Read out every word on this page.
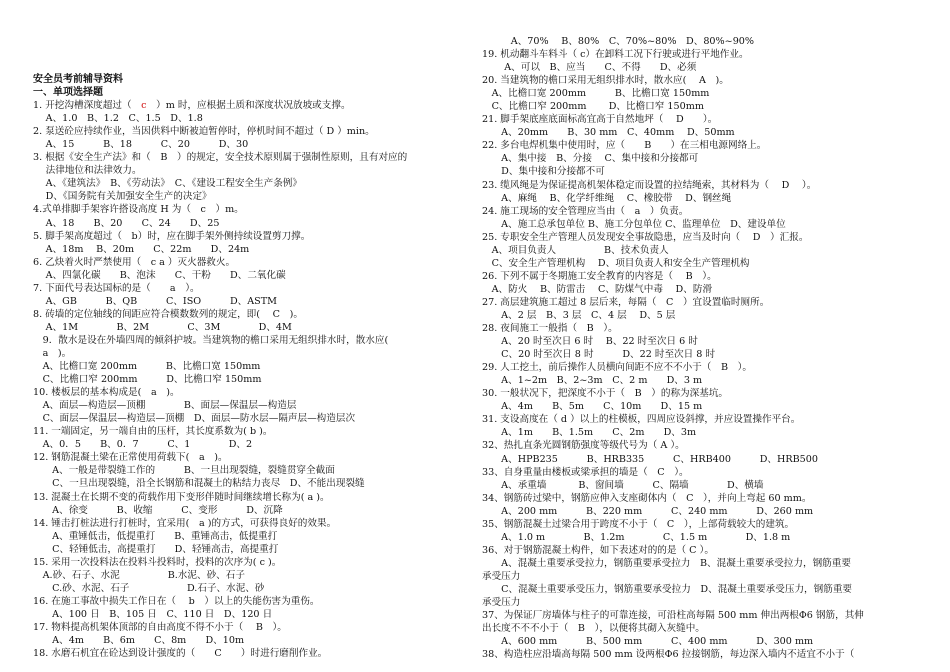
安全员考前辅导资料
一、单项选择题
1. 开挖沟槽深度超过（　c　）m 时，应根据土质和深度状况放坡或支撑。
　 A、1.0　B、1.2　C、1.5　D、1.8
2. 泵送砼应持续作业，当因供料中断被迫暂停时，停机时间不超过（ D ）min。
　 A、15　　　B、18　　　C、20　　　D、30
3. 根据《安全生产法》和（　B　）的规定，安全技术原则属于强制性原则，且有对应的
　 法律地位和法律效力。
　 A、《建筑法》　B、《劳动法》　C、《建设工程安全生产条例》
　 D、《国务院有关加强安全生产的决定》
4.式单排脚手架容许搭设高度 H 为（　c　）m。
　 A、18　　B、20　　C、24　　D、25
5. 脚手架高度超过（　b）时，应在脚手架外侧持续设置剪刀撑。
　 A、18m　 B、20m　　C、22m　　D、24m
6. 乙炔着火时严禁使用（　c a ）灭火器救火。
　 A、四氯化碳　　B、泡沫　　C、干粉　　D、二氧化碳
7. 下面代号表达国标的是（　　a　）。
　 A、GB　　　B、QB　　　C、ISO　　　D、ASTM
8. 砖墙的定位轴线的间距应符合模数数列的规定，即(　 C　)。
　 A、1M　　　　B、2M　　　　C、3M　　　　D、4M
　9．散水是设在外墙四周的倾斜护坡。当建筑物的檐口采用无组织排水时，散水应(
　a　)。
　A、比檐口宽 200mm　　　B、比檐口宽 150mm
　C、比檐口窄 200mm　　　D、比檐口窄 150mm
10. 楼板层的基本构成是(　a　)。
　A、面层—构造层—顶棚　　　　B、面层—保温层—构造层
　C、面层—保温层—构造层—顶棚　D、面层—防水层—隔声层—构造层次
11. 一端固定，另一端自由的压杆，其长度系数为( b )。
　A、0．5　　B、0．7　　　C、1　　　　D、2
12. 钢筋混凝土梁在正常使用荷载下(　a　)。
　　A、一般是带裂缝工作的　　　B、一旦出现裂缝，裂缝贯穿全截面
　　C、一旦出现裂缝，沿全长钢筋和混凝土的粘结力丧尽　D、不能出现裂缝
13. 混凝土在长期不变的荷载作用下变形伴随时间继续增长称为( a )。
　　A、徐变　　　B、收缩　　　C、变形　　　D、沉降
14. 锤击打桩法进行打桩时，宜采用(　a )的方式，可获得良好的效果。
　　A、重锤低击，低提重打　　B、重锤高击，低提重打
　　C、轻锤低击，高提重打　　D、轻锤高击，高提重打
15. 采用一次投料法在投料斗投料时，投料的次序为( c )。
　A.砂、石子、水泥　　　　　B.水泥、砂、石子
　　C.砂、水泥、石子　　　　　　D.石子、水泥、砂
16. 在施工事故中损失工作日在（　 b　）以上的失能伤害为重伤。
　　A、100 日　B、105 日　C、110 日　D、120 日
17. 物料提高机架体顶部的自由高度不得不小于（　 B　）。
　　A、4m　　B、6m　　C、8m　　D、10m
18. 水磨石机宜在砼达到设计强度的（　　C　　）时进行磨削作业。
　　　A、70%　 B、80%　C、70%~80%　D、80%~90%
19. 机动翻斗车料斗（ c）在卸料工况下行驶或进行平地作业。
　　 A、可以　B、应当　　C、不得　　D、必须
20. 当建筑物的檐口采用无组织排水时，散水应(　 A　)。
　A、比檐口宽 200mm　　　B、比檐口宽 150mm
　C、比檐口窄 200mm　　 D、比檐口窄 150mm
21. 脚手架底座底面标高宜高于自然地坪（　 D　　）。
　　A、20mm　　B、30 mm　C、40mm　 D、50mm
22. 多台电焊机集中使用时，应（　　B　　）在三相电源网络上。
　　A、集中接　B、分接　 C、集中接和分接都可
　　D、集中接和分接都不可
23. 缆风绳是为保证提高机架体稳定而设置的拉结绳索，其材料为（　 D　 ）。
　　A、麻绳　 B、化学纤维绳　 C、橡胶带　 D、钢丝绳
24. 施工现场的安全管理应当由（　a　）负责。
　　A、施工总承包单位 B、施工分包单位 C、监理单位　D、建设单位
25. 专职安全生产管理人员发现安全事故隐患，应当及时向（　 D　）汇报。
　A、项目负责人　　　　　B、技术负责人
　C、安全生产管理机构　 D、项目负责人和安全生产管理机构
26. 下列不属于冬期施工安全教育的内容是（　 B　）。
　A、防火　 B、防雷击　 C、防煤气中毒　 D、防滑
27. 高层建筑施工超过 8 层后来，每隔（　C　）宜设置临时厕所。
　　A、2 层　B、3 层　C、4 层　 D、5 层
28. 夜间施工一般指（　B　）。
　　A、20 时至次日 6 时　 B、22 时至次日 6 时
　　C、20 时至次日 8 时　　　D、22 时至次日 8 时
29. 人工挖土，前后操作人员横向间距不应不不小于（　B　）。
　　A、1~2m　B、2~3m　C、2 m　　D、3 m
30. 一般状况下，把深度不小于（　B　）的称为深基坑。
　　A、4m　　B、5m　　C、10m　　D、15 m
31. 支设高度在（ d ）以上的柱模板，四周应设斜撑，并应设置操作平台。
　　A、1m　　B、1.5m　　C、2m　　D、3m
32、热扎直条光圆钢筋强度等级代号为（ A ）。
　　A、HPB235　　　B、HRB335　　　C、HRB400　　　D、HRB500
33、自身重量由楼板或梁承担的墙是（　C　）。
　　A、承重墙　　　 B、窗间墙　　　C、隔墙　　　　D、横墙
34、钢筋砖过梁中，钢筋应伸入支座砌体内（　C　），并向上弯起 60 mm。
　　A、200 mm　　　B、220 mm　　　C、240 mm　　　D、260 mm
35、钢筋混凝土过梁合用于跨度不小于（　C　），上部荷载较大的建筑。
　　A、1.0 m　　　　B、1.2m　　　　C、1.5 m　　　　D、1.8 m
36、对于钢筋混凝土构件，如下表述对的的是（ C ）。
　　A、混凝土重要承受拉力，钢筋重要承受拉力　B、混凝土重要承受拉力，钢筋重要
承受压力
　　C、混凝土重要承受压力，钢筋重要承受拉力　D、混凝土重要承受压力，钢筋重要
承受压力
37、为保证厂房墙体与柱子的可靠连接，可沿柱高每隔 500 mm 伸出两根Φ6 钢筋，其伸
出长度不不不小于（　B　），以便将其砌入灰缝中。
　　A、600 mm　　　B、500 mm　　　C、400 mm　　　D、300 mm
38、构造柱应沿墙高每隔 500 mm 设两根Φ6 拉接钢筋，每边深入墙内不适宜不小于（
